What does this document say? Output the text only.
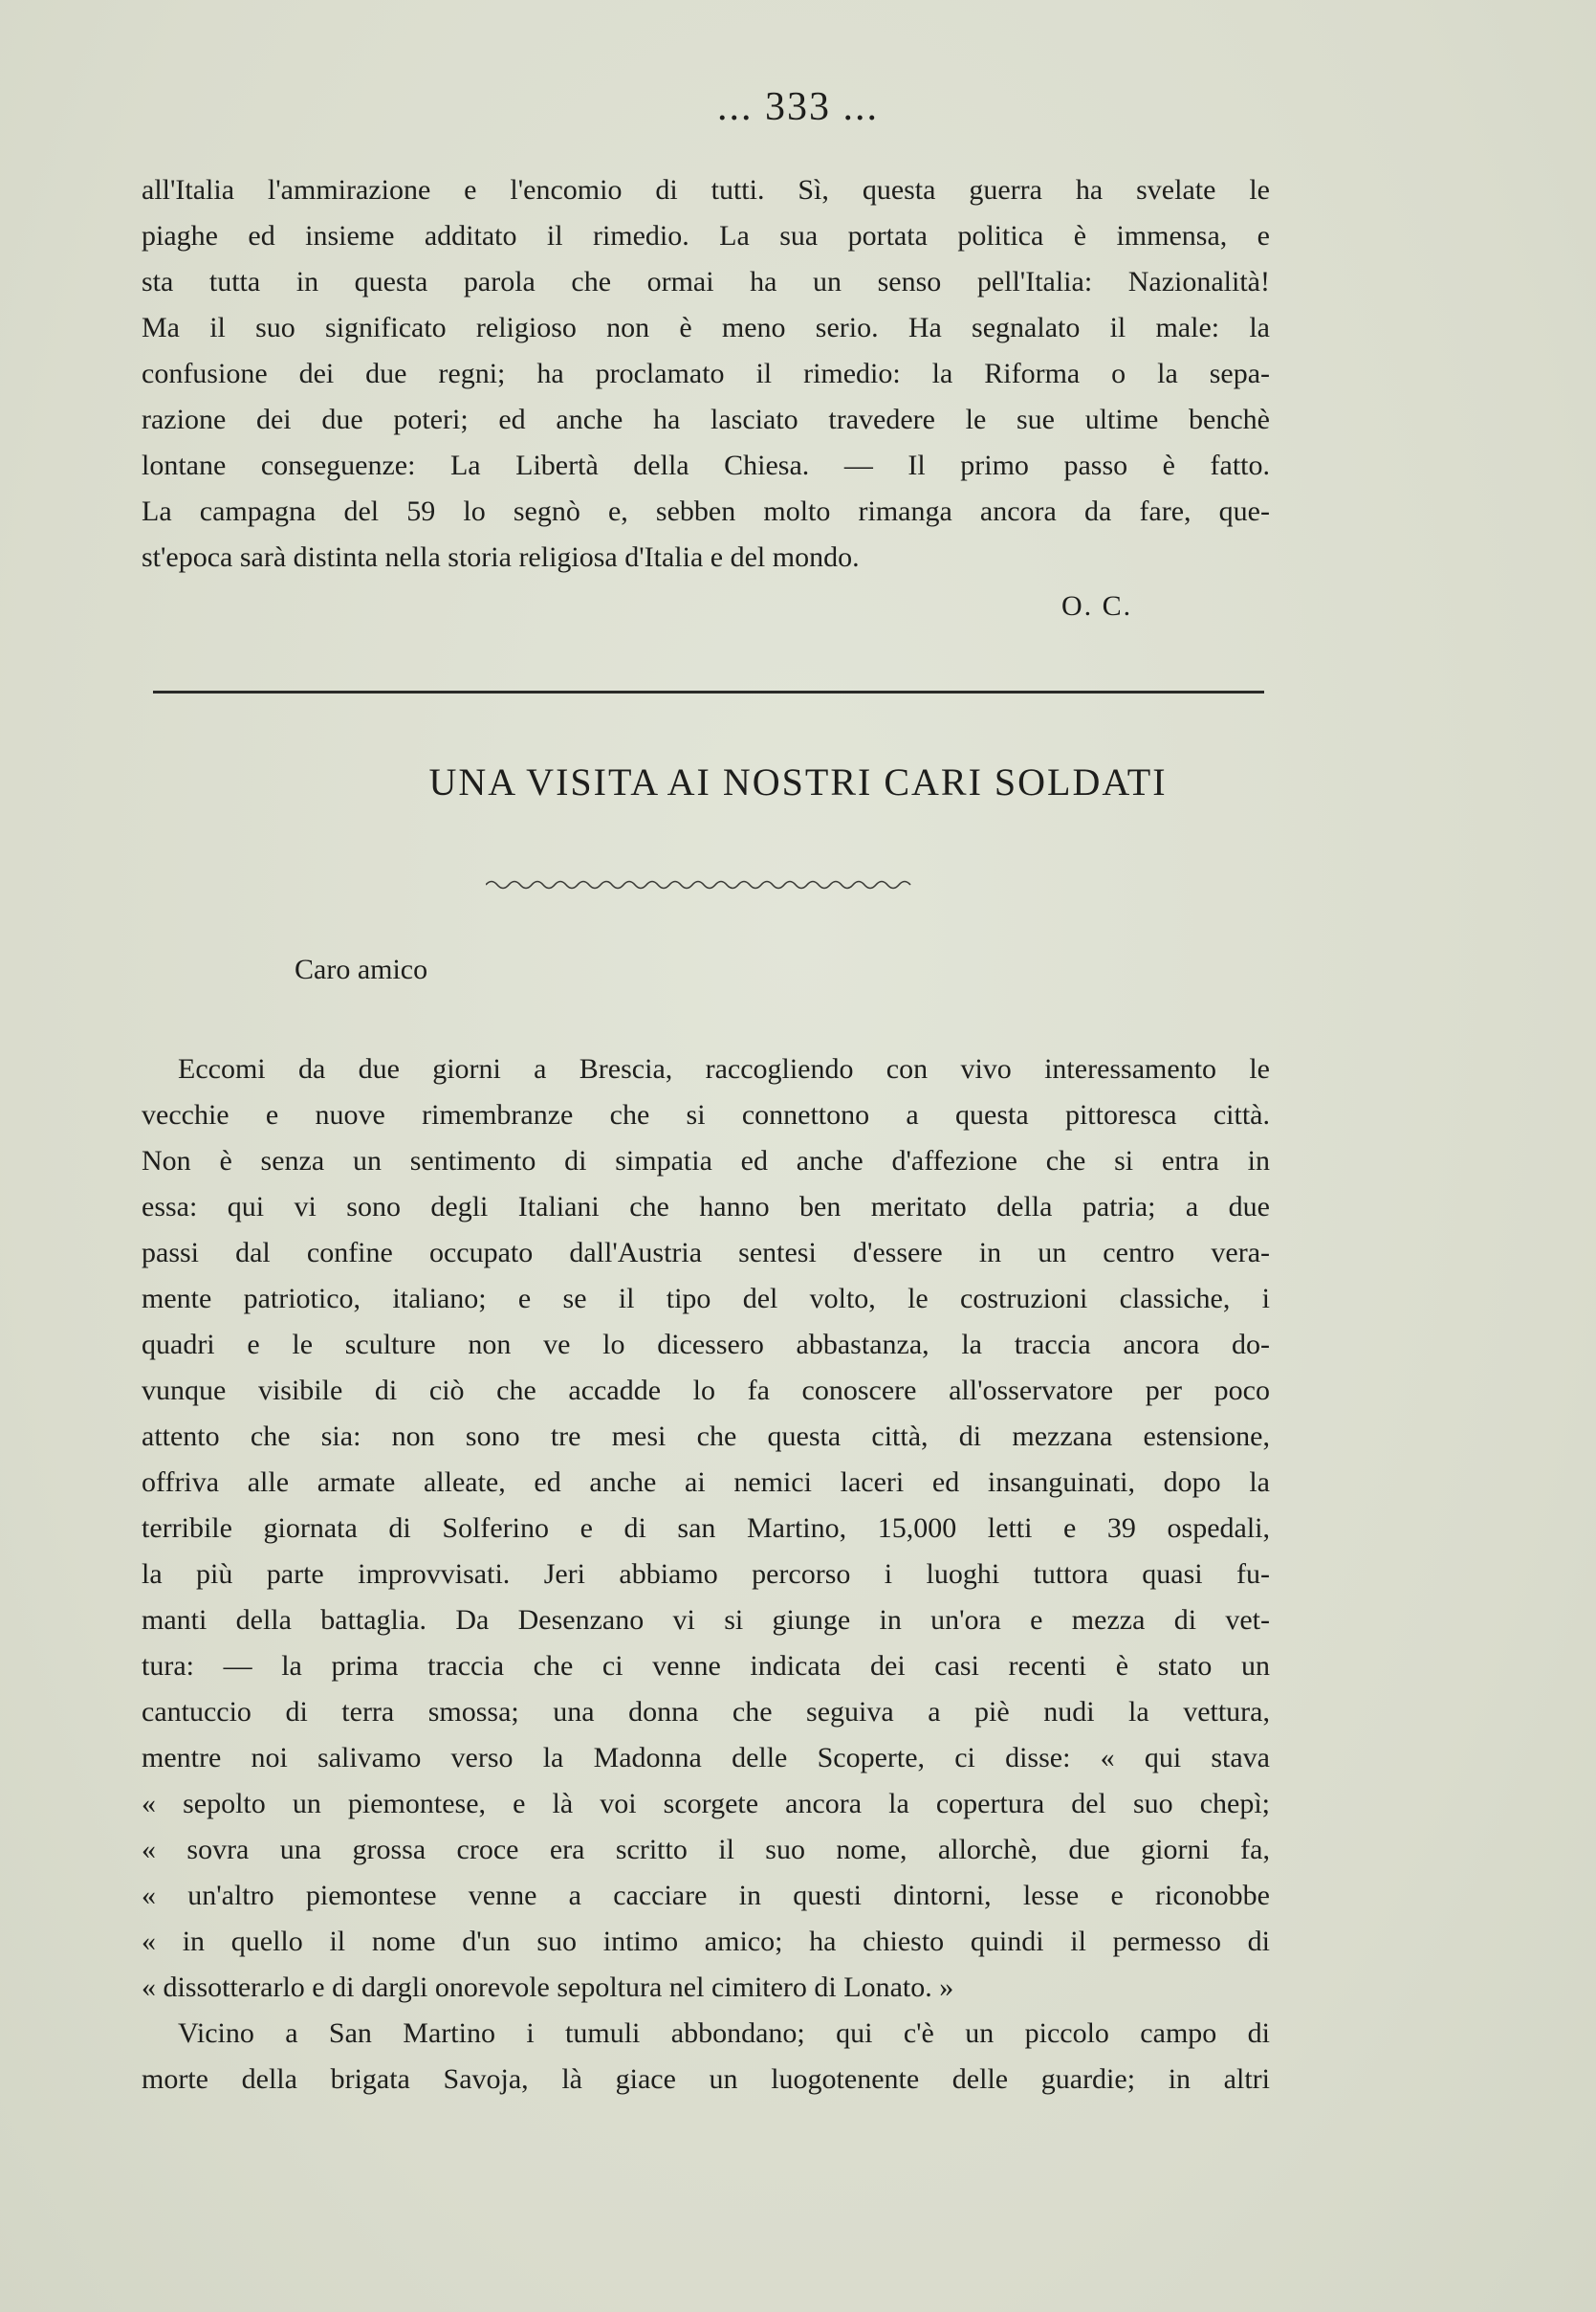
... 333 ...
all'Italia l'ammirazione e l'encomio di tutti. Sì, questa guerra ha svelate le
piaghe ed insieme additato il rimedio. La sua portata politica è immensa, e
sta tutta in questa parola che ormai ha un senso pell'Italia: Nazionalità!
Ma il suo significato religioso non è meno serio. Ha segnalato il male: la
confusione dei due regni; ha proclamato il rimedio: la Riforma o la sepa-
razione dei due poteri; ed anche ha lasciato travedere le sue ultime benchè
lontane conseguenze: La Libertà della Chiesa. — Il primo passo è fatto.
La campagna del 59 lo segnò e, sebben molto rimanga ancora da fare, que-
st'epoca sarà distinta nella storia religiosa d'Italia e del mondo.
O. C.
UNA VISITA AI NOSTRI CARI SOLDATI
Caro amico
Eccomi da due giorni a Brescia, raccogliendo con vivo interessamento le
vecchie e nuove rimembranze che si connettono a questa pittoresca città.
Non è senza un sentimento di simpatia ed anche d'affezione che si entra in
essa: qui vi sono degli Italiani che hanno ben meritato della patria; a due
passi dal confine occupato dall'Austria sentesi d'essere in un centro vera-
mente patriotico, italiano; e se il tipo del volto, le costruzioni classiche, i
quadri e le sculture non ve lo dicessero abbastanza, la traccia ancora do-
vunque visibile di ciò che accadde lo fa conoscere all'osservatore per poco
attento che sia: non sono tre mesi che questa città, di mezzana estensione,
offriva alle armate alleate, ed anche ai nemici laceri ed insanguinati, dopo la
terribile giornata di Solferino e di san Martino, 15,000 letti e 39 ospedali,
la più parte improvvisati. Jeri abbiamo percorso i luoghi tuttora quasi fu-
manti della battaglia. Da Desenzano vi si giunge in un'ora e mezza di vet-
tura: — la prima traccia che ci venne indicata dei casi recenti è stato un
cantuccio di terra smossa; una donna che seguiva a piè nudi la vettura,
mentre noi salivamo verso la Madonna delle Scoperte, ci disse: « qui stava
« sepolto un piemontese, e là voi scorgete ancora la copertura del suo chepì;
« sovra una grossa croce era scritto il suo nome, allorchè, due giorni fa,
« un'altro piemontese venne a cacciare in questi dintorni, lesse e riconobbe
« in quello il nome d'un suo intimo amico; ha chiesto quindi il permesso di
« dissotterarlo e di dargli onorevole sepoltura nel cimitero di Lonato. »
Vicino a San Martino i tumuli abbondano; qui c'è un piccolo campo di
morte della brigata Savoja, là giace un luogotenente delle guardie; in altri
